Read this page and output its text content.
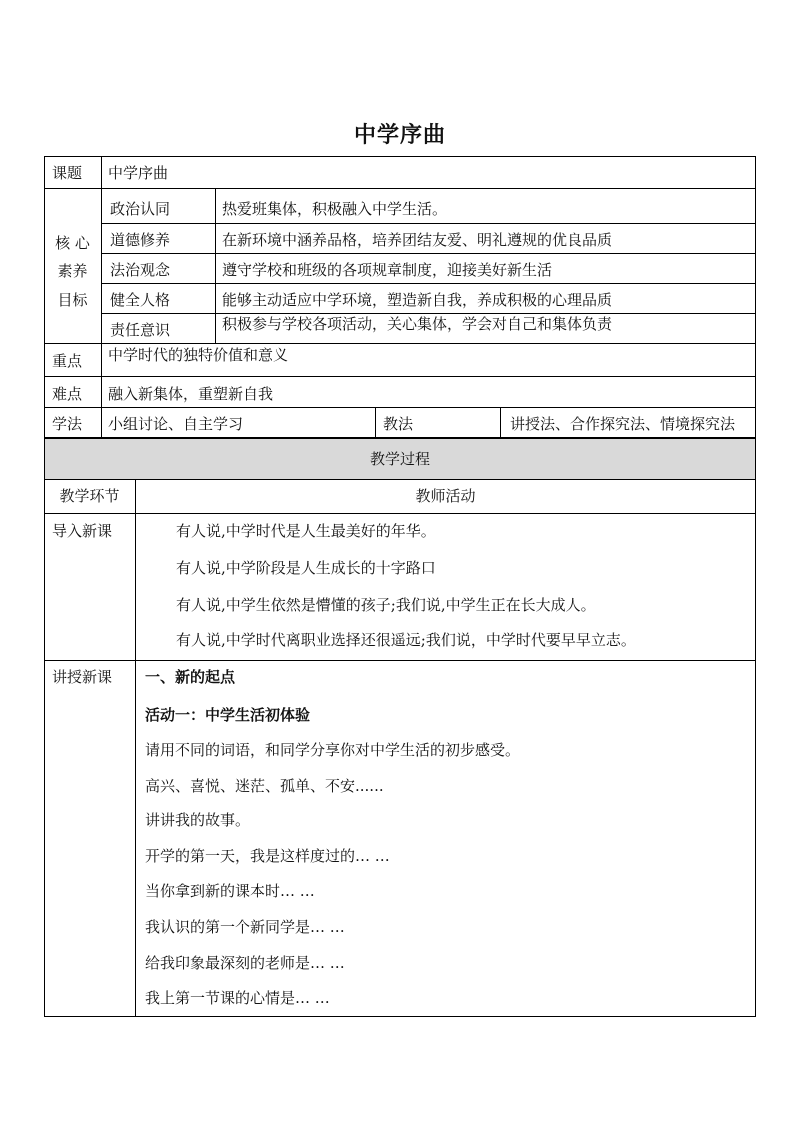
中学序曲
课题 中学序曲
核 心
素养
目标
政治认同	热爱班集体，积极融入中学生活。
道德修养	在新环境中涵养品格，培养团结友爱、明礼遵规的优良品质
法治观念	遵守学校和班级的各项规章制度，迎接美好新生活
健全人格	能够主动适应中学环境，塑造新自我，养成积极的心理品质
责任意识	积极参与学校各项活动，关心集体，学会对自己和集体负责
重点 中学时代的独特价值和意义
难点 融入新集体，重塑新自我
学法 小组讨论、自主学习	教法	讲授法、合作探究法、情境探究法
教学过程
教学环节	教师活动
导入新课	有人说,中学时代是人生最美好的年华。
有人说,中学阶段是人生成长的十字路口
有人说,中学生依然是懵懂的孩子;我们说,中学生正在长大成人。
有人说,中学时代离职业选择还很遥远;我们说，中学时代要早早立志。
讲授新课 一、新的起点
活动一：中学生活初体验
请用不同的词语，和同学分享你对中学生活的初步感受。
高兴、喜悦、迷茫、孤单、不安......
讲讲我的故事。
开学的第一天，我是这样度过的… …
当你拿到新的课本时… …
我认识的第一个新同学是… …
给我印象最深刻的老师是… …
我上第一节课的心情是… …
